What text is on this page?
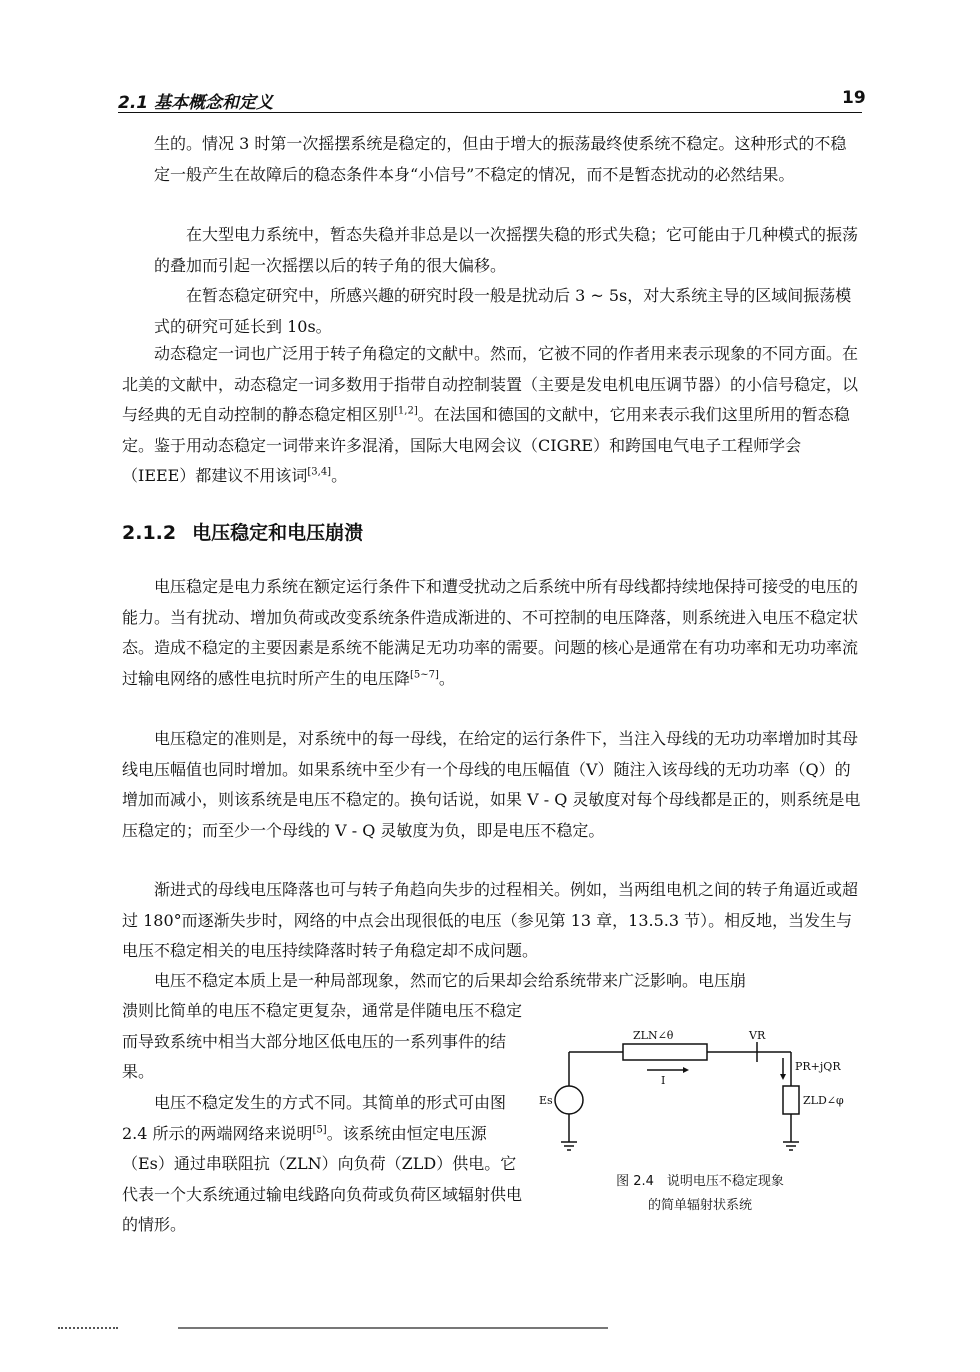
2.1 基本概念和定义	19

生的。情况 3 时第一次摇摆系统是稳定的，但由于增大的振荡最终使系统不稳定。这种形式的不稳定一般产生在故障后的稳态条件本身“小信号”不稳定的情况，而不是暂态扰动的必然结果。

在大型电力系统中，暂态失稳并非总是以一次摇摆失稳的形式失稳；它可能由于几种模式的振荡的叠加而引起一次摇摆以后的转子角的很大偏移。

在暂态稳定研究中，所感兴趣的研究时段一般是扰动后 3 ~ 5s，对大系统主导的区域间振荡模式的研究可延长到 10s。

动态稳定一词也广泛用于转子角稳定的文献中。然而，它被不同的作者用来表示现象的不同方面。在北美的文献中，动态稳定一词多数用于指带自动控制装置（主要是发电机电压调节器）的小信号稳定，以与经典的无自动控制的静态稳定相区别[1,2]。在法国和德国的文献中，它用来表示我们这里所用的暂态稳定。鉴于用动态稳定一词带来许多混淆，国际大电网会议（CIGRE）和跨国电气电子工程师学会（IEEE）都建议不用该词[3,4]。

2.1.2 电压稳定和电压崩溃

电压稳定是电力系统在额定运行条件下和遭受扰动之后系统中所有母线都持续地保持可接受的电压的能力。当有扰动、增加负荷或改变系统条件造成渐进的、不可控制的电压降落，则系统进入电压不稳定状态。造成不稳定的主要因素是系统不能满足无功功率的需要。问题的核心是通常在有功功率和无功功率流过输电网络的感性电抗时所产生的电压降[5~7]。

电压稳定的准则是，对系统中的每一母线，在给定的运行条件下，当注入母线的无功功率增加时其母线电压幅值也同时增加。如果系统中至少有一个母线的电压幅值（V）随注入该母线的无功功率（Q）的增加而减小，则该系统是电压不稳定的。换句话说，如果 V - Q 灵敏度对每个母线都是正的，则系统是电压稳定的；而至少一个母线的 V - Q 灵敏度为负，即是电压不稳定。

渐进式的母线电压降落也可与转子角趋向失步的过程相关。例如，当两组电机之间的转子角逼近或超过 180°而逐渐失步时，网络的中点会出现很低的电压（参见第 13 章，13.5.3 节）。相反地，当发生与电压不稳定相关的电压持续降落时转子角稳定却不成问题。

电压不稳定本质上是一种局部现象，然而它的后果却会给系统带来广泛影响。电压崩

溃则比简单的电压不稳定更复杂，通常是伴随电压不稳定而导致系统中相当大部分地区低电压的一系列事件的结果。

电压不稳定发生的方式不同。其简单的形式可由图 2.4 所示的两端网络来说明[5]。该系统由恒定电压源（Es）通过串联阻抗（ZLN）向负荷（ZLD）供电。它代表一个大系统通过输电线路向负荷或负荷区域辐射供电的情形。

ZLN∠θ	VR
I
Es
PR+jQR
ZLD∠φ
图 2.4　说明电压不稳定现象
的简单辐射状系统
